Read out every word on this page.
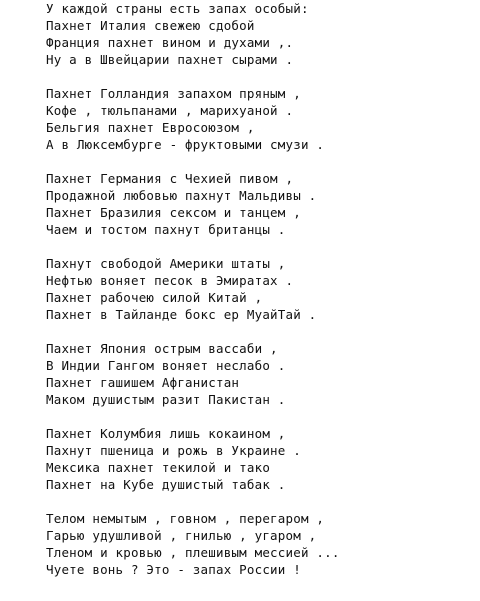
У каждой страны есть запах особый:
Пахнет Италия свежею сдобой
Франция пахнет вином и духами ,.
Ну а в Швейцарии пахнет сырами .
Пахнет Голландия запахом пряным ,
Кофе , тюльпанами , марихуаной .
Бельгия пахнет Евросоюзом ,
А в Люксембурге - фруктовыми смузи .
Пахнет Германия с Чехией пивом ,
Продажной любовью пахнут Мальдивы .
Пахнет Бразилия сексом и танцем ,
Чаем и тостом пахнут британцы .
Пахнут свободой Америки штаты ,
Нефтью воняет песок в Эмиратах .
Пахнет рабочею силой Китай ,
Пахнет в Тайланде бокс ер МуайТай .
Пахнет Япония острым вассаби ,
В Индии Гангом воняет неслабо .
Пахнет гашишем Афганистан
Маком душистым разит Пакистан .
Пахнет Колумбия лишь кокаином ,
Пахнут пшеница и рожь в Украине .
Мексика пахнет текилой и тако
Пахнет на Кубе душистый табак .
Телом немытым , говном , перегаром ,
Гарью удушливой , гнилью , угаром ,
Тленом и кровью , плешивым мессией ...
Чуете вонь ? Это - запах России !
